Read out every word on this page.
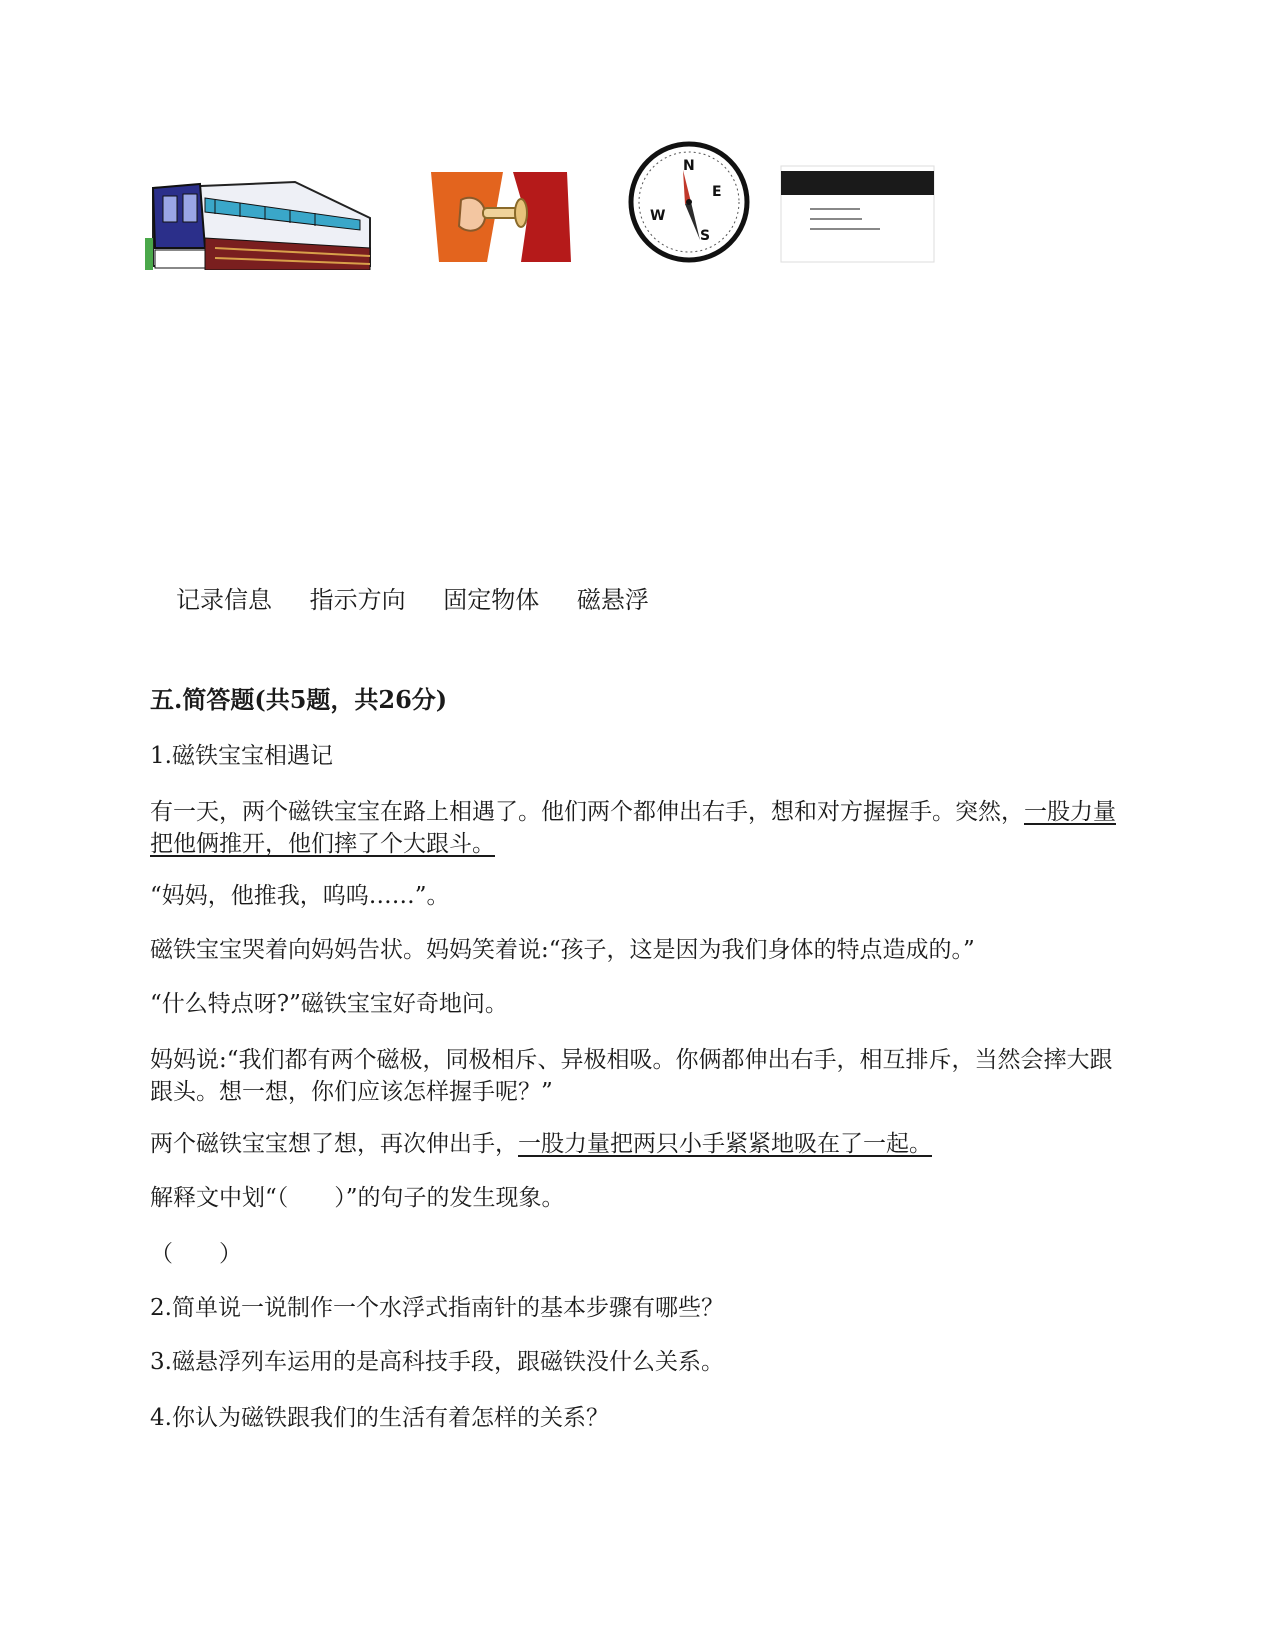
N
E
S
W
记录信息 指示方向 固定物体 磁悬浮
五.简答题(共5题，共26分)
1.磁铁宝宝相遇记
有一天，两个磁铁宝宝在路上相遇了。他们两个都伸出右手，想和对方握握手。突然，一股力量把他俩推开，他们摔了个大跟斗。
“妈妈，他推我，呜呜……”。
磁铁宝宝哭着向妈妈告状。妈妈笑着说:“孩子，这是因为我们身体的特点造成的。”
“什么特点呀?”磁铁宝宝好奇地问。
妈妈说:“我们都有两个磁极，同极相斥、异极相吸。你俩都伸出右手，相互排斥，当然会摔大跟跟头。想一想，你们应该怎样握手呢？”
两个磁铁宝宝想了想，再次伸出手，一股力量把两只小手紧紧地吸在了一起。
解释文中划“（　　）”的句子的发生现象。
（　　）
2.简单说一说制作一个水浮式指南针的基本步骤有哪些？
3.磁悬浮列车运用的是高科技手段，跟磁铁没什么关系。
4.你认为磁铁跟我们的生活有着怎样的关系？
